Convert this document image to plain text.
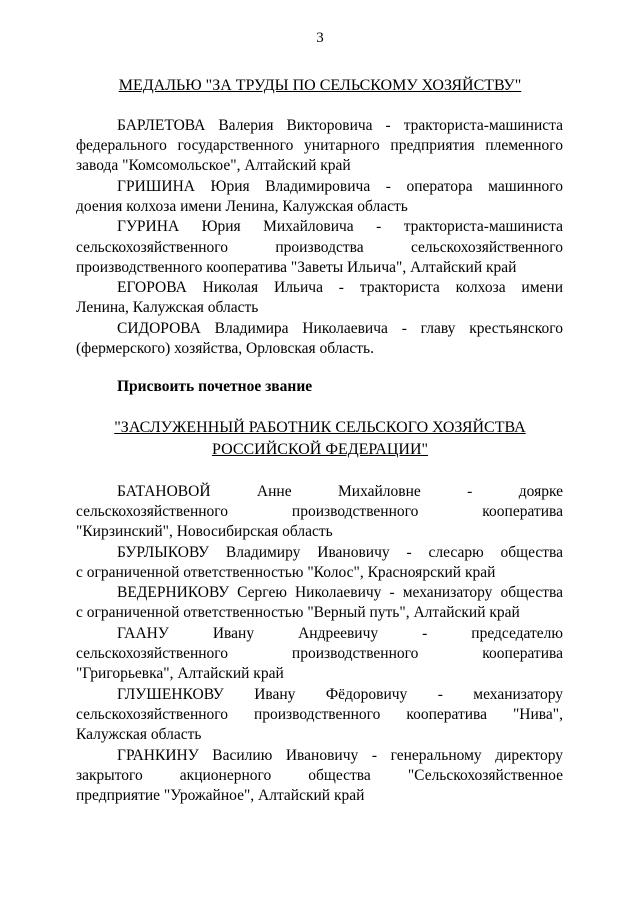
3
МЕДАЛЬЮ "ЗА ТРУДЫ ПО СЕЛЬСКОМУ ХОЗЯЙСТВУ"
БАРЛЕТОВА Валерия Викторовича - тракториста-машиниста
федерального государственного унитарного предприятия племенного
завода "Комсомольское", Алтайский край
ГРИШИНА Юрия Владимировича - оператора машинного
доения колхоза имени Ленина, Калужская область
ГУРИНА Юрия Михайловича - тракториста-машиниста
сельскохозяйственного производства сельскохозяйственного
производственного кооператива "Заветы Ильича", Алтайский край
ЕГОРОВА Николая Ильича - тракториста колхоза имени
Ленина, Калужская область
СИДОРОВА Владимира Николаевича - главу крестьянского
(фермерского) хозяйства, Орловская область.
Присвоить почетное звание
"ЗАСЛУЖЕННЫЙ РАБОТНИК СЕЛЬСКОГО ХОЗЯЙСТВА
РОССИЙСКОЙ ФЕДЕРАЦИИ"
БАТАНОВОЙ Анне Михайловне - доярке
сельскохозяйственного производственного кооператива
"Кирзинский", Новосибирская область
БУРЛЫКОВУ Владимиру Ивановичу - слесарю общества
с ограниченной ответственностью "Колос", Красноярский край
ВЕДЕРНИКОВУ Сергею Николаевичу - механизатору общества
с ограниченной ответственностью "Верный путь", Алтайский край
ГААНУ Ивану Андреевичу - председателю
сельскохозяйственного производственного кооператива
"Григорьевка", Алтайский край
ГЛУШЕНКОВУ Ивану Фёдоровичу - механизатору
сельскохозяйственного производственного кооператива "Нива",
Калужская область
ГРАНКИНУ Василию Ивановичу - генеральному директору
закрытого акционерного общества "Сельскохозяйственное
предприятие "Урожайное", Алтайский край
